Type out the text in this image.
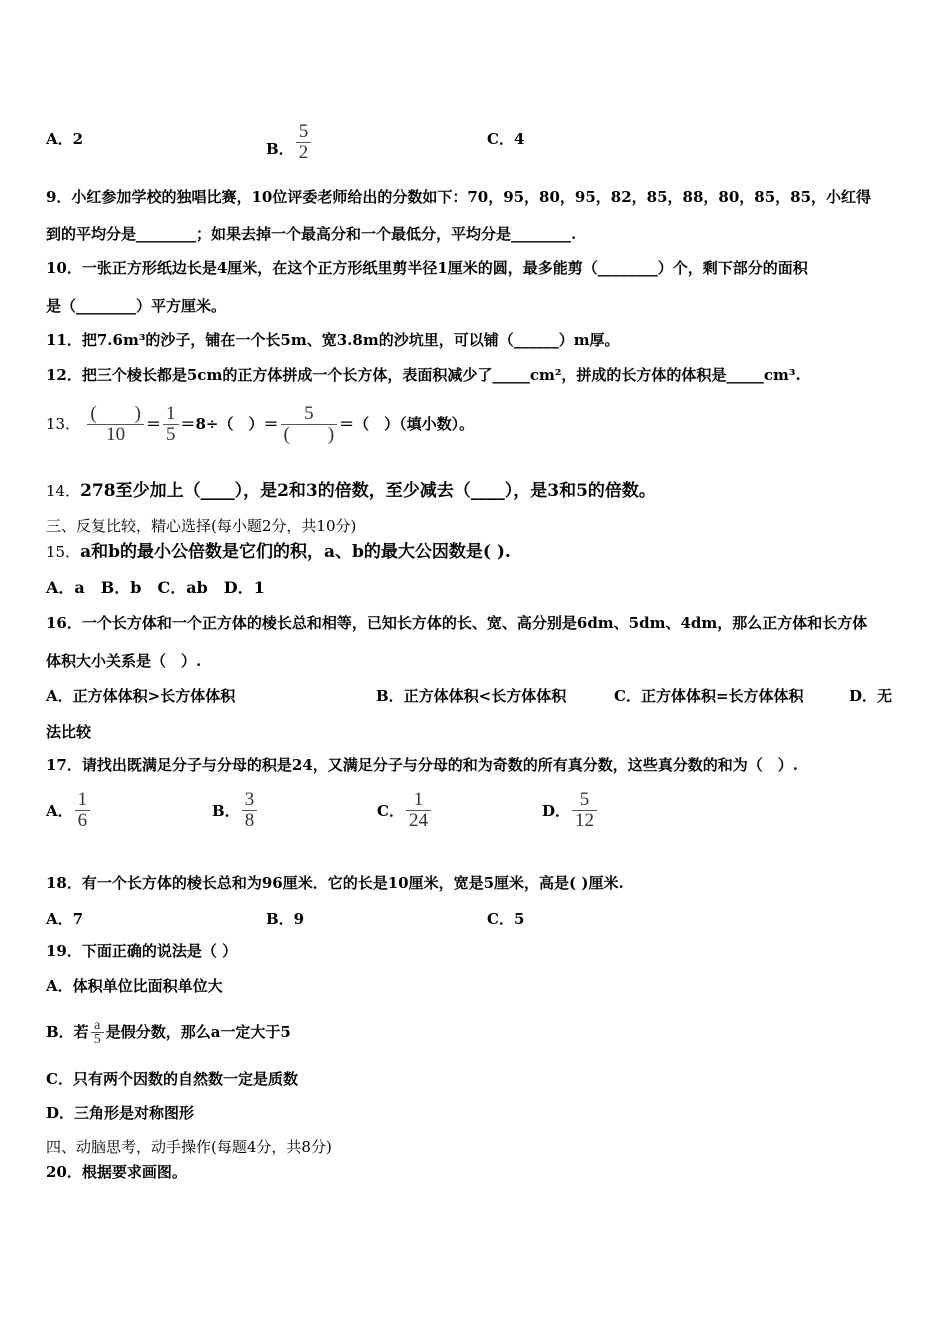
A．2
B． $\frac{5}{2}$	C．4
9．小红参加学校的独唱比赛，10位评委老师给出的分数如下：70，95，80，95，82，85，88，80，85，85，小红得
到的平均分是________；如果去掉一个最高分和一个最低分，平均分是________.
10．一张正方形纸边长是4厘米，在这个正方形纸里剪半径1厘米的圆，最多能剪（________）个，剩下部分的面积
是（________）平方厘米。
11．把7.6m³的沙子，铺在一个长5m、宽3.8m的沙坑里，可以铺（______）m厚。
12．把三个棱长都是5cm的正方体拼成一个长方体，表面积减少了_____cm²，拼成的长方体的体积是_____cm³.
13． $\frac{( )}{10} = \frac{1}{5} =8\div$（　）＝ $\frac{5}{( )}$ ＝（　）（填小数）。
14．278至少加上（____），是2和3的倍数，至少减去（____），是3和5的倍数。
三、反复比较，精心选择(每小题2分，共10分)
15．a和b的最小公倍数是它们的积，a、b的最大公因数是( ).
A．a　B．b　C．ab　D．1
16．一个长方体和一个正方体的棱长总和相等，已知长方体的长、宽、高分别是6dm、5dm、4dm，那么正方体和长方体
体积大小关系是（　）.
A．正方体体积>长方体体积	B．正方体体积<长方体体积	C．正方体体积=长方体体积	D．无
法比较
17．请找出既满足分子与分母的积是24，又满足分子与分母的和为奇数的所有真分数，这些真分数的和为（　）.
A． $\frac{1}{6}$	B． $\frac{3}{8}$	C． $\frac{1}{24}$	D． $\frac{5}{12}$
18．有一个长方体的棱长总和为96厘米．它的长是10厘米，宽是5厘米，高是( )厘米.
A．7	B．9	C．5
19．下面正确的说法是（ ）
A．体积单位比面积单位大
B．若 $\frac{a}{5}$ 是假分数，那么a一定大于5
C．只有两个因数的自然数一定是质数
D．三角形是对称图形
四、动脑思考，动手操作(每题4分，共8分)
20．根据要求画图。
